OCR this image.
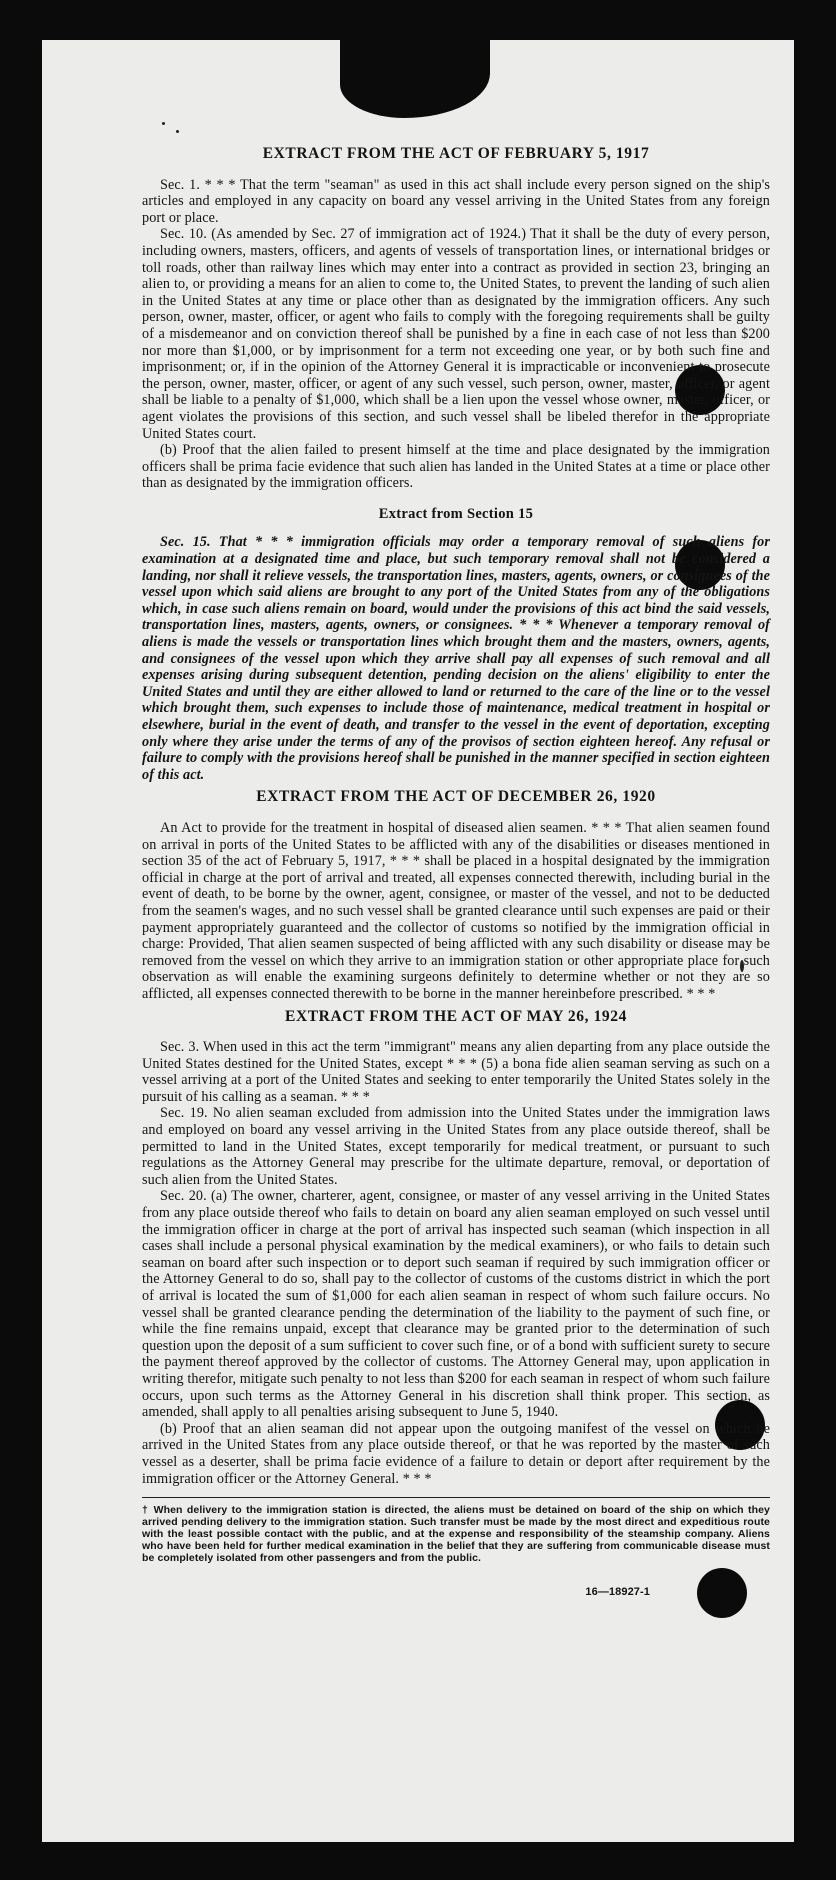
EXTRACT FROM THE ACT OF FEBRUARY 5, 1917

Sec. 1. * * * That the term "seaman" as used in this act shall include every person signed on the ship's articles and employed in any capacity on board any vessel arriving in the United States from any foreign port or place.

Sec. 10. (As amended by Sec. 27 of immigration act of 1924.) That it shall be the duty of every person, including owners, masters, officers, and agents of vessels of transportation lines, or international bridges or toll roads, other than railway lines which may enter into a contract as provided in section 23, bringing an alien to, or providing a means for an alien to come to, the United States, to prevent the landing of such alien in the United States at any time or place other than as designated by the immigration officers. Any such person, owner, master, officer, or agent who fails to comply with the foregoing requirements shall be guilty of a misdemeanor and on conviction thereof shall be punished by a fine in each case of not less than $200 nor more than $1,000, or by imprisonment for a term not exceeding one year, or by both such fine and imprisonment; or, if in the opinion of the Attorney General it is impracticable or inconvenient to prosecute the person, owner, master, officer, or agent of any such vessel, such person, owner, master, officer, or agent shall be liable to a penalty of $1,000, which shall be a lien upon the vessel whose owner, master, officer, or agent violates the provisions of this section, and such vessel shall be libeled therefor in the appropriate United States court.

(b) Proof that the alien failed to present himself at the time and place designated by the immigration officers shall be prima facie evidence that such alien has landed in the United States at a time or place other than as designated by the immigration officers.

Extract from Section 15

Sec. 15. That * * * immigration officials may order a temporary removal of such aliens for examination at a designated time and place, but such temporary removal shall not be considered a landing, nor shall it relieve vessels, the transportation lines, masters, agents, owners, or consignees of the vessel upon which said aliens are brought to any port of the United States from any of the obligations which, in case such aliens remain on board, would under the provisions of this act bind the said vessels, transportation lines, masters, agents, owners, or consignees. * * * Whenever a temporary removal of aliens is made the vessels or transportation lines which brought them and the masters, owners, agents, and consignees of the vessel upon which they arrive shall pay all expenses of such removal and all expenses arising during subsequent detention, pending decision on the aliens' eligibility to enter the United States and until they are either allowed to land or returned to the care of the line or to the vessel which brought them, such expenses to include those of maintenance, medical treatment in hospital or elsewhere, burial in the event of death, and transfer to the vessel in the event of deportation, excepting only where they arise under the terms of any of the provisos of section eighteen hereof. Any refusal or failure to comply with the provisions hereof shall be punished in the manner specified in section eighteen of this act.

EXTRACT FROM THE ACT OF DECEMBER 26, 1920

An Act to provide for the treatment in hospital of diseased alien seamen. * * * That alien seamen found on arrival in ports of the United States to be afflicted with any of the disabilities or diseases mentioned in section 35 of the act of February 5, 1917, * * * shall be placed in a hospital designated by the immigration official in charge at the port of arrival and treated, all expenses connected therewith, including burial in the event of death, to be borne by the owner, agent, consignee, or master of the vessel, and not to be deducted from the seamen's wages, and no such vessel shall be granted clearance until such expenses are paid or their payment appropriately guaranteed and the collector of customs so notified by the immigration official in charge: Provided, That alien seamen suspected of being afflicted with any such disability or disease may be removed from the vessel on which they arrive to an immigration station or other appropriate place for such observation as will enable the examining surgeons definitely to determine whether or not they are so afflicted, all expenses connected therewith to be borne in the manner hereinbefore prescribed. * * *

EXTRACT FROM THE ACT OF MAY 26, 1924

Sec. 3. When used in this act the term "immigrant" means any alien departing from any place outside the United States destined for the United States, except * * * (5) a bona fide alien seaman serving as such on a vessel arriving at a port of the United States and seeking to enter temporarily the United States solely in the pursuit of his calling as a seaman. * * *

Sec. 19. No alien seaman excluded from admission into the United States under the immigration laws and employed on board any vessel arriving in the United States from any place outside thereof, shall be permitted to land in the United States, except temporarily for medical treatment, or pursuant to such regulations as the Attorney General may prescribe for the ultimate departure, removal, or deportation of such alien from the United States.

Sec. 20. (a) The owner, charterer, agent, consignee, or master of any vessel arriving in the United States from any place outside thereof who fails to detain on board any alien seaman employed on such vessel until the immigration officer in charge at the port of arrival has inspected such seaman (which inspection in all cases shall include a personal physical examination by the medical examiners), or who fails to detain such seaman on board after such inspection or to deport such seaman if required by such immigration officer or the Attorney General to do so, shall pay to the collector of customs of the customs district in which the port of arrival is located the sum of $1,000 for each alien seaman in respect of whom such failure occurs. No vessel shall be granted clearance pending the determination of the liability to the payment of such fine, or while the fine remains unpaid, except that clearance may be granted prior to the determination of such question upon the deposit of a sum sufficient to cover such fine, or of a bond with sufficient surety to secure the payment thereof approved by the collector of customs. The Attorney General may, upon application in writing therefor, mitigate such penalty to not less than $200 for each seaman in respect of whom such failure occurs, upon such terms as the Attorney General in his discretion shall think proper. This section, as amended, shall apply to all penalties arising subsequent to June 5, 1940.

(b) Proof that an alien seaman did not appear upon the outgoing manifest of the vessel on which he arrived in the United States from any place outside thereof, or that he was reported by the master of such vessel as a deserter, shall be prima facie evidence of a failure to detain or deport after requirement by the immigration officer or the Attorney General. * * *

† When delivery to the immigration station is directed, the aliens must be detained on board of the ship on which they arrived pending delivery to the immigration station. Such transfer must be made by the most direct and expeditious route with the least possible contact with the public, and at the expense and responsibility of the steamship company. Aliens who have been held for further medical examination in the belief that they are suffering from communicable disease must be completely isolated from other passengers and from the public.
16—18927-1
